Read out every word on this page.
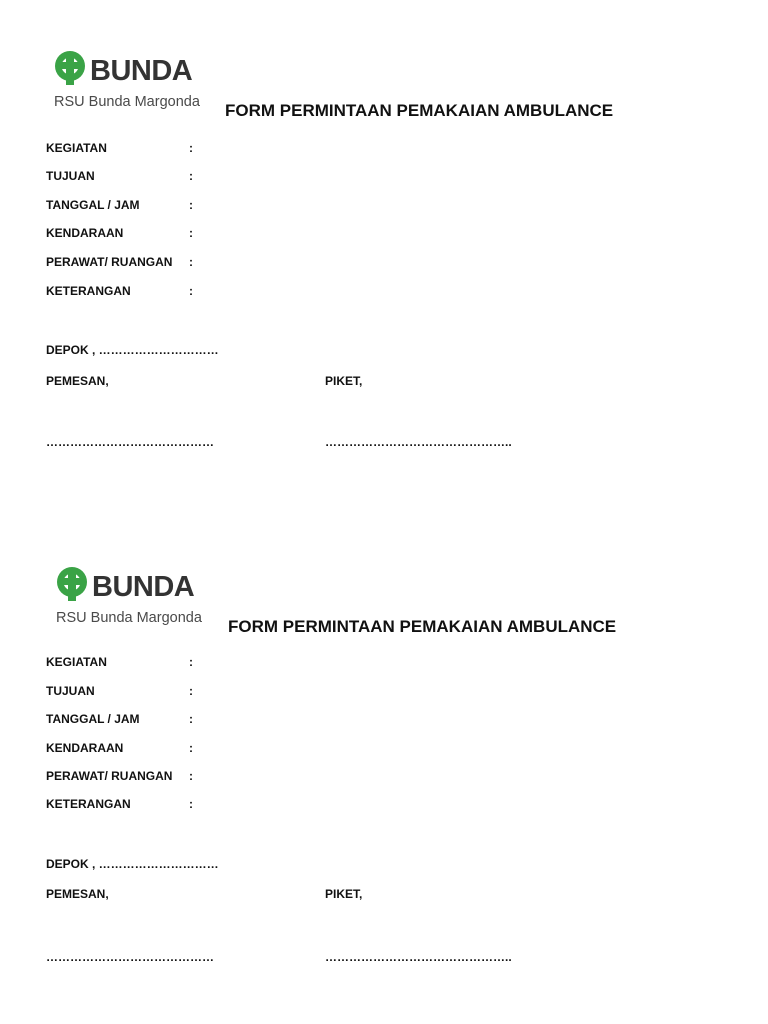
BUNDA
RSU Bunda Margonda FORM PERMINTAAN PEMAKAIAN AMBULANCE
KEGIATAN	:
TUJUAN	:
TANGGAL / JAM	:
KENDARAAN	:
PERAWAT/ RUANGAN :
KETERANGAN	:
DEPOK , …………………………
PEMESAN,	PIKET,
……………………………………	………………………………………..
BUNDA
RSU Bunda Margonda FORM PERMINTAAN PEMAKAIAN AMBULANCE
KEGIATAN	:
TUJUAN	:
TANGGAL / JAM	:
KENDARAAN	:
PERAWAT/ RUANGAN :
KETERANGAN	:
DEPOK , …………………………
PEMESAN,	PIKET,
……………………………………	………………………………………..
